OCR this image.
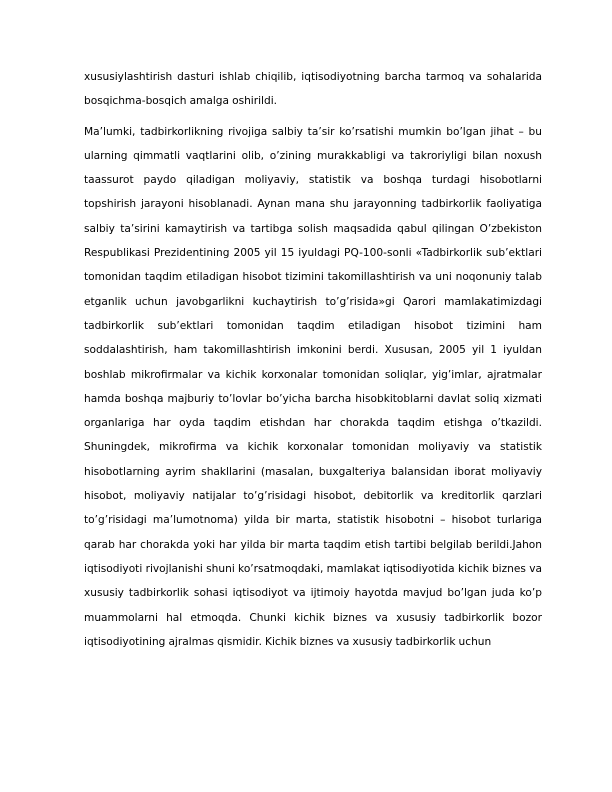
xususiylashtirish dasturi ishlab chiqilib, iqtisodiyotning barcha tarmoq va sohalarida bosqichma-bosqich amalga oshirildi.

Ma’lumki, tadbirkorlikning rivojiga salbiy ta’sir ko’rsatishi mumkin bo’lgan jihat – bu ularning qimmatli vaqtlarini olib, o’zining murakkabligi va takroriyligi bilan noxush taassurot paydo qiladigan moliyaviy, statistik va boshqa turdagi hisobotlarni topshirish jarayoni hisoblanadi. Aynan mana shu jarayonning tadbirkorlik faoliyatiga salbiy ta’sirini kamaytirish va tartibga solish maqsadida qabul qilingan O’zbekiston Respublikasi Prezidentining 2005 yil 15 iyuldagi PQ-100-sonli «Tadbirkorlik sub’ektlari tomonidan taqdim etiladigan hisobot tizimini takomillashtirish va uni noqonuniy talab etganlik uchun javobgarlikni kuchaytirish to’g’risida»gi Qarori mamlakatimizdagi tadbirkorlik sub’ektlari tomonidan taqdim etiladigan hisobot tizimini ham soddalashtirish, ham takomillashtirish imkonini berdi. Xususan, 2005 yil 1 iyuldan boshlab mikrofirmalar va kichik korxonalar tomonidan soliqlar, yig’imlar, ajratmalar hamda boshqa majburiy to’lovlar bo’yicha barcha hisobkitoblarni davlat soliq xizmati organlariga har oyda taqdim etishdan har chorakda taqdim etishga o’tkazildi. Shuningdek, mikrofirma va kichik korxonalar tomonidan moliyaviy va statistik hisobotlarning ayrim shakllarini (masalan, buxgalteriya balansidan iborat moliyaviy hisobot, moliyaviy natijalar to’g’risidagi hisobot, debitorlik va kreditorlik qarzlari to’g’risidagi ma’lumotnoma) yilda bir marta, statistik hisobotni – hisobot turlariga qarab har chorakda yoki har yilda bir marta taqdim etish tartibi belgilab berildi.Jahon iqtisodiyoti rivojlanishi shuni ko’rsatmoqdaki, mamlakat iqtisodiyotida kichik biznes va xususiy tadbirkorlik sohasi iqtisodiyot va ijtimoiy hayotda mavjud bo’lgan juda ko’p muammolarni hal etmoqda. Chunki kichik biznes va xususiy tadbirkorlik bozor iqtisodiyotining ajralmas qismidir. Kichik biznes va xususiy tadbirkorlik uchun
